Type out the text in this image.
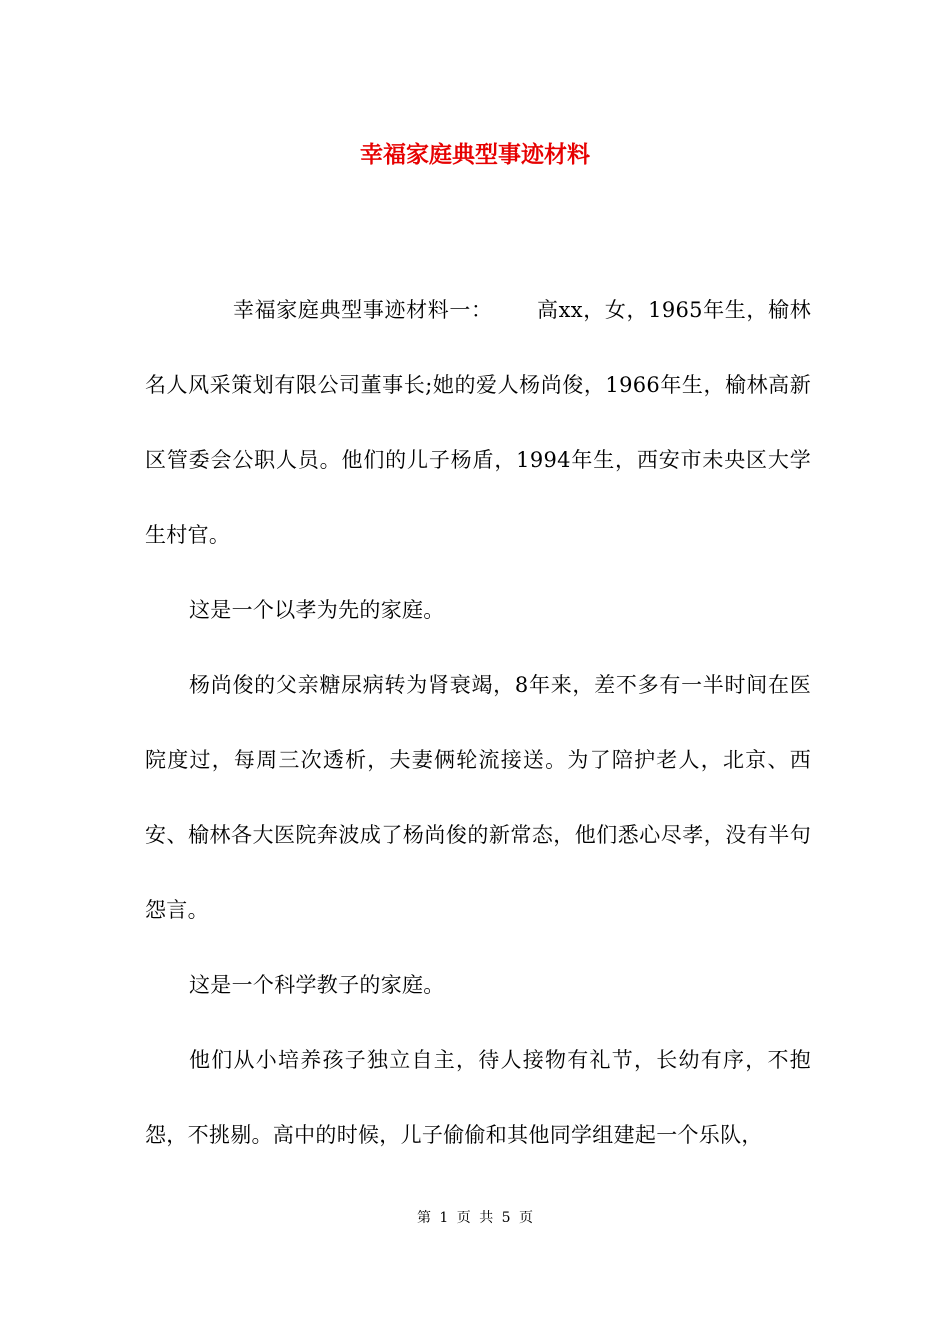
幸福家庭典型事迹材料

幸福家庭典型事迹材料一： 高xx，女，1965年生，榆林名人风采策划有限公司董事长;她的爱人杨尚俊，1966年生，榆林高新区管委会公职人员。他们的儿子杨盾，1994年生，西安市未央区大学生村官。

这是一个以孝为先的家庭。

杨尚俊的父亲糖尿病转为肾衰竭，8年来，差不多有一半时间在医院度过，每周三次透析，夫妻俩轮流接送。为了陪护老人，北京、西安、榆林各大医院奔波成了杨尚俊的新常态，他们悉心尽孝，没有半句怨言。

这是一个科学教子的家庭。

他们从小培养孩子独立自主，待人接物有礼节，长幼有序，不抱怨，不挑剔。高中的时候，儿子偷偷和其他同学组建起一个乐队，

第 1 页 共 5 页
